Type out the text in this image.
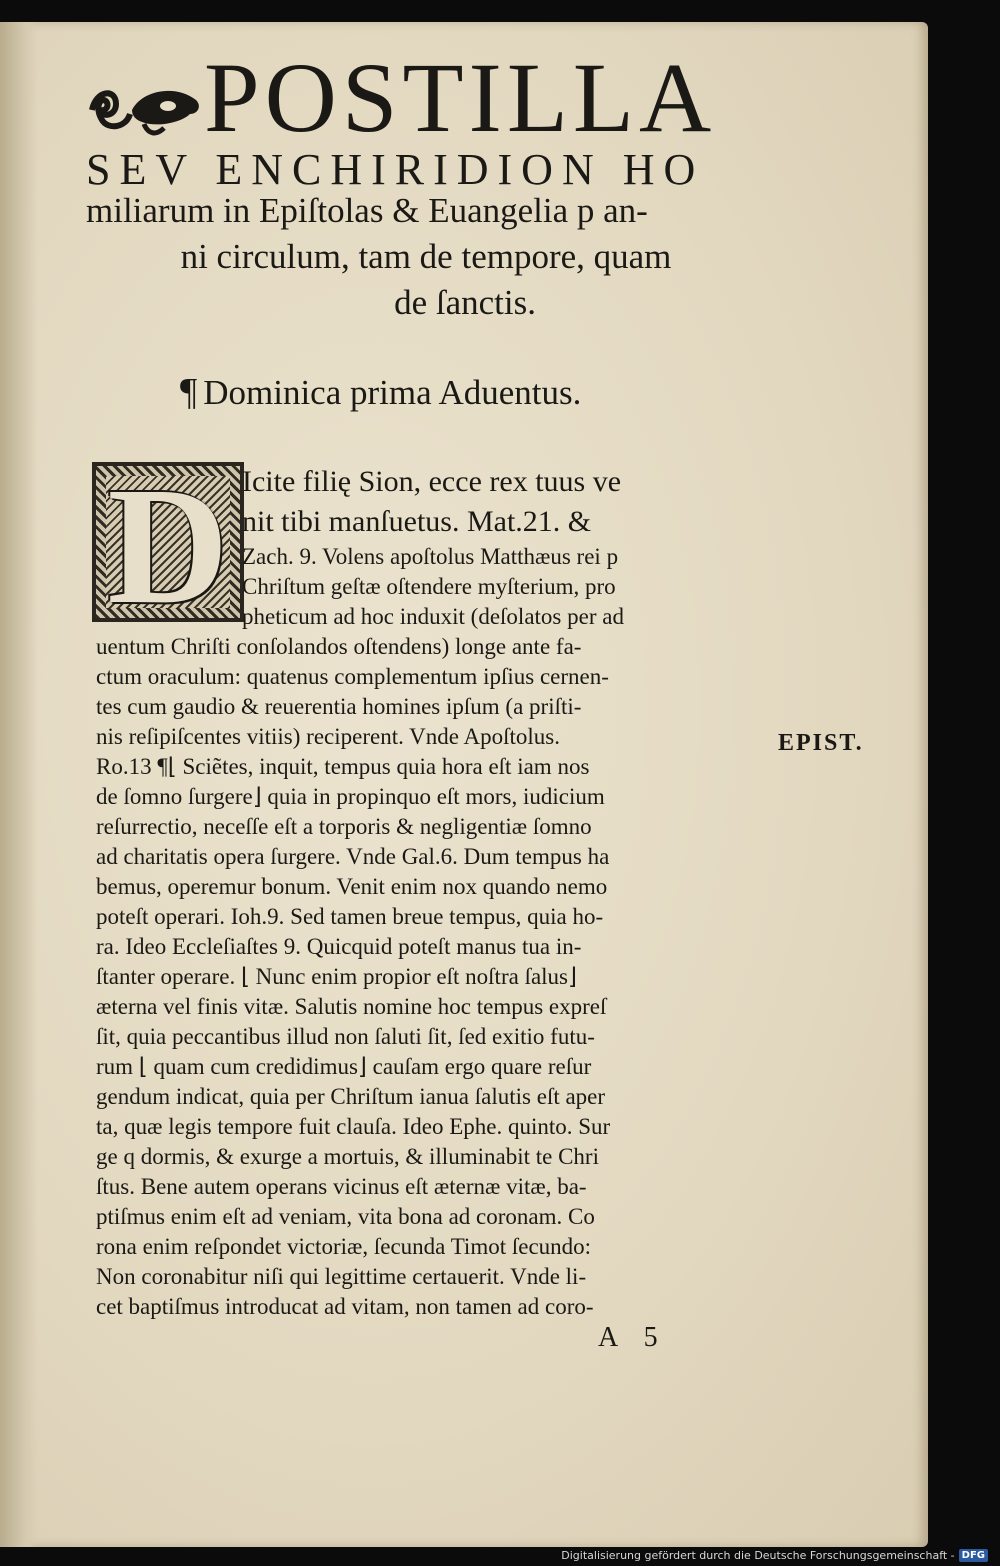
POSTILLA
SEV ENCHIRIDION HO
miliarum in Epiſtolas & Euangelia p an-
ni circulum, tam de tempore, quam
de ſanctis.
¶ Dominica prima Aduentus.
D Icite filię Sion, ecce rex tuus ve
nit tibi manſuetus. Mat.21. &
Zach. 9. Volens apoſtolus Matthæus rei p
Chriſtum geſtæ oſtendere myſterium, pro
pheticum ad hoc induxit (deſolatos per ad
uentum Chriſti conſolandos oſtendens) longe ante fa-
ctum oraculum: quatenus complementum ipſius cernen-
tes cum gaudio & reuerentia homines ipſum (a priſti-
nis reſipiſcentes vitiis) reciperent. Vnde Apoſtolus.
Ro.13 ¶⌊ Sciẽtes, inquit, tempus quia hora eſt iam nos
de ſomno ſurgere⌋ quia in propinquo eſt mors, iudicium
reſurrectio, neceſſe eſt a torporis & negligentiæ ſomno
ad charitatis opera ſurgere. Vnde Gal.6. Dum tempus ha
bemus, operemur bonum. Venit enim nox quando nemo
poteſt operari. Ioh.9. Sed tamen breue tempus, quia ho-
ra. Ideo Eccleſiaſtes 9. Quicquid poteſt manus tua in-
ſtanter operare. ⌊ Nunc enim propior eſt noſtra ſalus⌋
æterna vel finis vitæ. Salutis nomine hoc tempus expreſ
ſit, quia peccantibus illud non ſaluti ſit, ſed exitio futu-
rum ⌊ quam cum credidimus⌋ cauſam ergo quare reſur
gendum indicat, quia per Chriſtum ianua ſalutis eſt aper
ta, quæ legis tempore fuit clauſa. Ideo Ephe. quinto. Sur
ge q dormis, & exurge a mortuis, & illuminabit te Chri
ſtus. Bene autem operans vicinus eſt æternæ vitæ, ba-
ptiſmus enim eſt ad veniam, vita bona ad coronam. Co
rona enim reſpondet victoriæ, ſecunda Timot ſecundo:
Non coronabitur niſi qui legittime certauerit. Vnde li-
cet baptiſmus introducat ad vitam, non tamen ad coro-
EPIST.
A 5
Digitalisierung gefördert durch die Deutsche Forschungsgemeinschaft - DFG
